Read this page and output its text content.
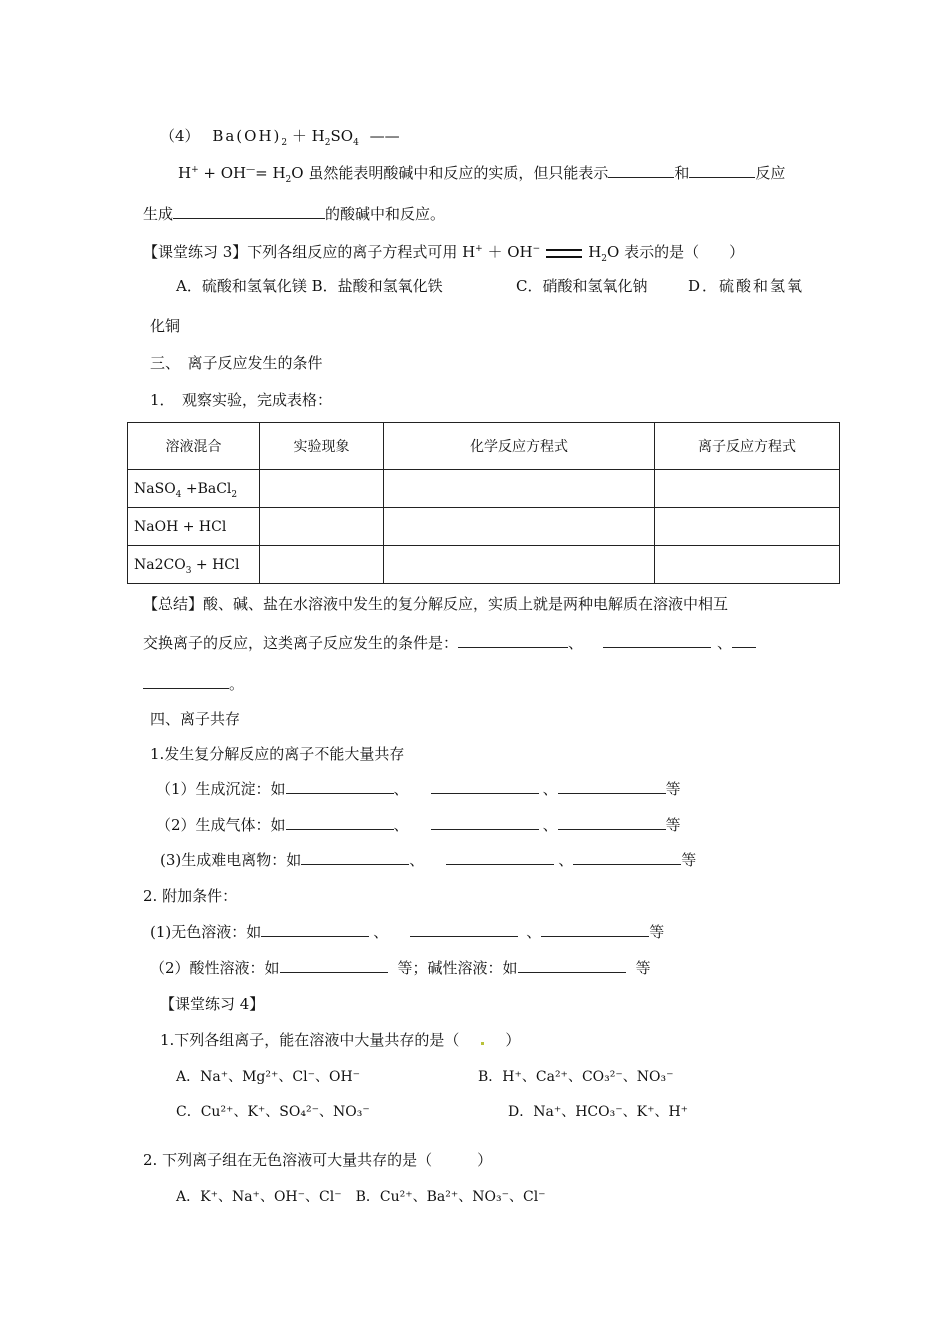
（4） $Ba(OH)_2 + H_2SO_4$ ——
$H^+ + OH^—= H_2O$ 虽然能表明酸碱中和反应的实质，但只能表示	和	反应
生成	的酸碱中和反应。
【课堂练习 3】下列各组反应的离子方程式可用 H+ ＋ OH−	$H_2O$ 表示的是（　　）
A．硫酸和氢氧化镁 B．盐酸和氢氧化铁	C．硝酸和氢氧化钠	D．硫酸和氢氧
化铜
三、　离子反应发生的条件
1．　观察实验，完成表格：
溶液混合	实验现象	化学反应方程式	离子反应方程式
NaSO$_4$ +BaCl$_2$			
NaOH + HCl			
$Na2CO_3$ + HCl			
【总结】酸、碱、盐在水溶液中发生的复分解反应，实质上就是两种电解质在溶液中相互
交换离子的反应，这类离子反应发生的条件是：	、	、
。
四、离子共存
1.发生复分解反应的离子不能大量共存
（1）生成沉淀：如	、	、	等
（2）生成气体：如	、	、	等
(3)生成难电离物：如	、	、	等
2. 附加条件：
(1)无色溶液：如	、	、	等
（2）酸性溶液：如	等；碱性溶液：如	等
【课堂练习 4】
1.下列各组离子，能在溶液中大量共存的是（	）
A．Na⁺、Mg²⁺、Cl⁻、OH⁻	B．H⁺、Ca²⁺、CO₃²⁻、NO₃⁻
C．Cu²⁺、K⁺、SO₄²⁻、NO₃⁻	D．Na⁺、HCO₃⁻、K⁺、H⁺
2. 下列离子组在无色溶液可大量共存的是（　　　）
A．K⁺、Na⁺、OH⁻、Cl⁻　B．Cu²⁺、Ba²⁺、NO₃⁻、Cl⁻
